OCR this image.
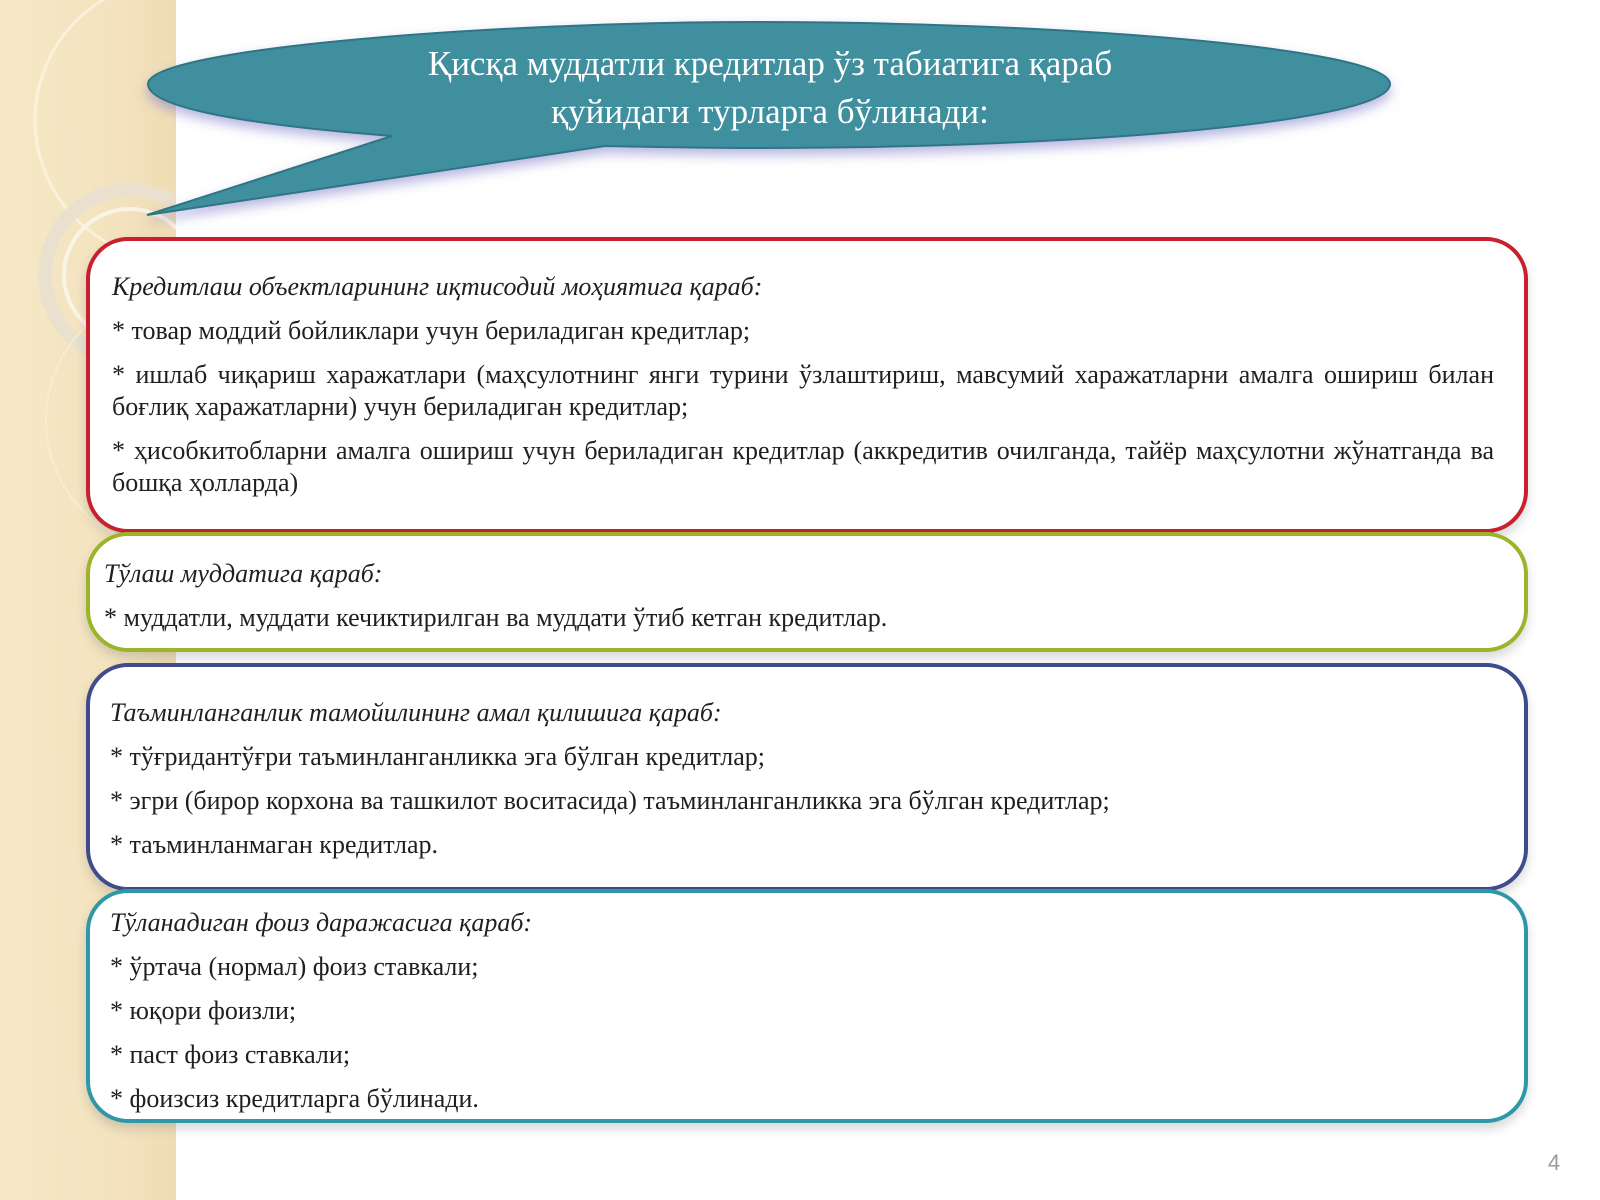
Қисқа муддатли кредитлар ўз табиатига қараб
қуйидаги турларга бўлинади:

Кредитлаш объектларининг иқтисодий моҳиятига қараб:

* товар моддий бойликлари учун бериладиган кредитлар;

* ишлаб чиқариш харажатлари (маҳсулотнинг янги турини ўзлаштириш, мавсумий харажатларни амалга ошириш билан боғлиқ харажатларни) учун бериладиган кредитлар;

* ҳисобкитобларни амалга ошириш учун бериладиган кредитлар (аккредитив очилганда, тайёр маҳсулотни жўнатганда ва бошқа ҳолларда)

Тўлаш муддатига қараб:

* муддатли, муддати кечиктирилган ва муддати ўтиб кетган кредитлар.

Таъминланганлик тамойилининг амал қилишига қараб:

* тўғридантўғри таъминланганликка эга бўлган кредитлар;

* эгри (бирор корхона ва ташкилот воситасида) таъминланганликка эга бўлган кредитлар;

* таъминланмаган кредитлар.

Тўланадиган фоиз даражасига қараб:

* ўртача (нормал) фоиз ставкали;

* юқори фоизли;

* паст фоиз ставкали;

* фоизсиз кредитларга бўлинади.

4
